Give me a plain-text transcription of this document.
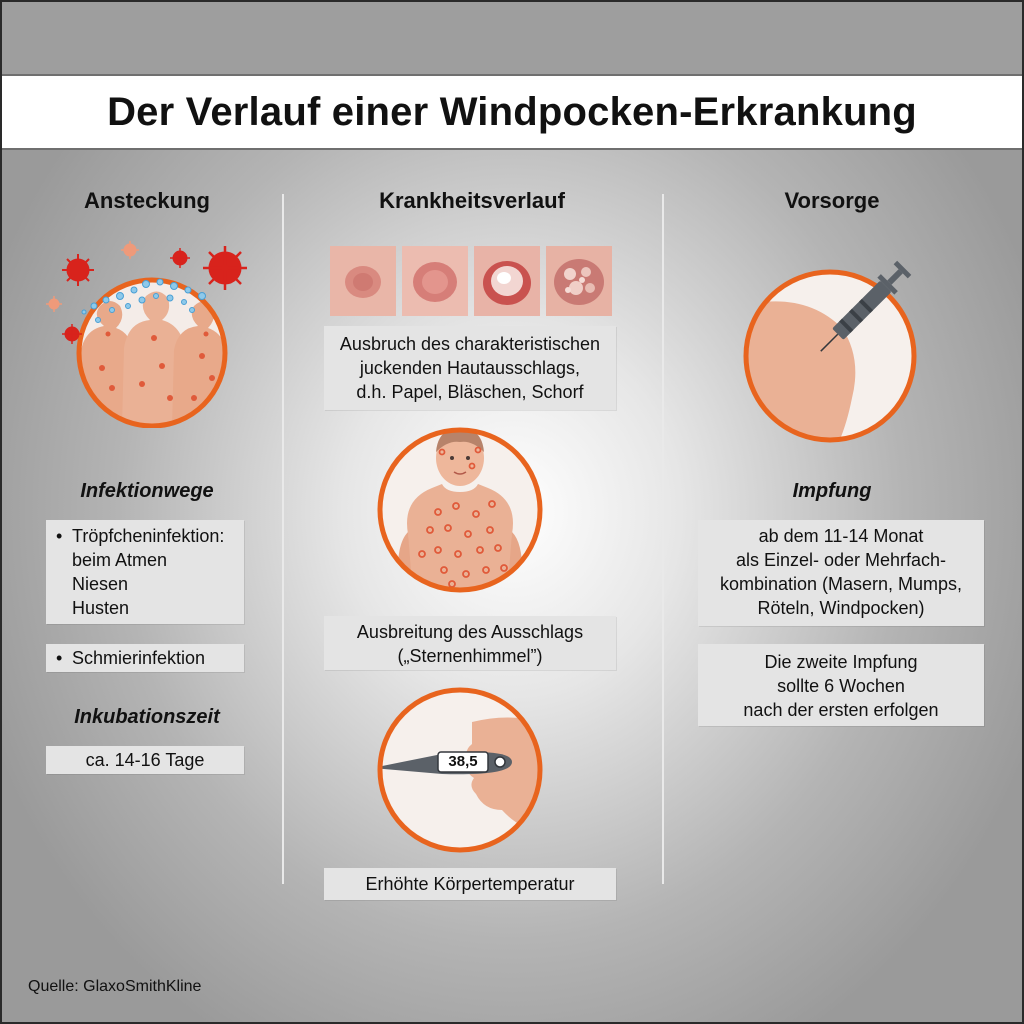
Der Verlauf einer Windpocken-Erkrankung
Ansteckung
Infektionwege
• Tröpfcheninfektion:
beim Atmen
Niesen
Husten
• Schmierinfektion
Inkubationszeit
ca. 14-16 Tage
Krankheitsverlauf
Ausbruch des charakteristischen
juckenden Hautausschlags,
d.h. Papel, Bläschen, Schorf
Ausbreitung des Ausschlags
(„Sternenhimmel”)
38,5
Erhöhte Körpertemperatur
Vorsorge
Impfung
ab dem 11-14 Monat
als Einzel- oder Mehrfach-
kombination (Masern, Mumps,
Röteln, Windpocken)
Die zweite Impfung
sollte 6 Wochen
nach der ersten erfolgen
Quelle: GlaxoSmithKline
